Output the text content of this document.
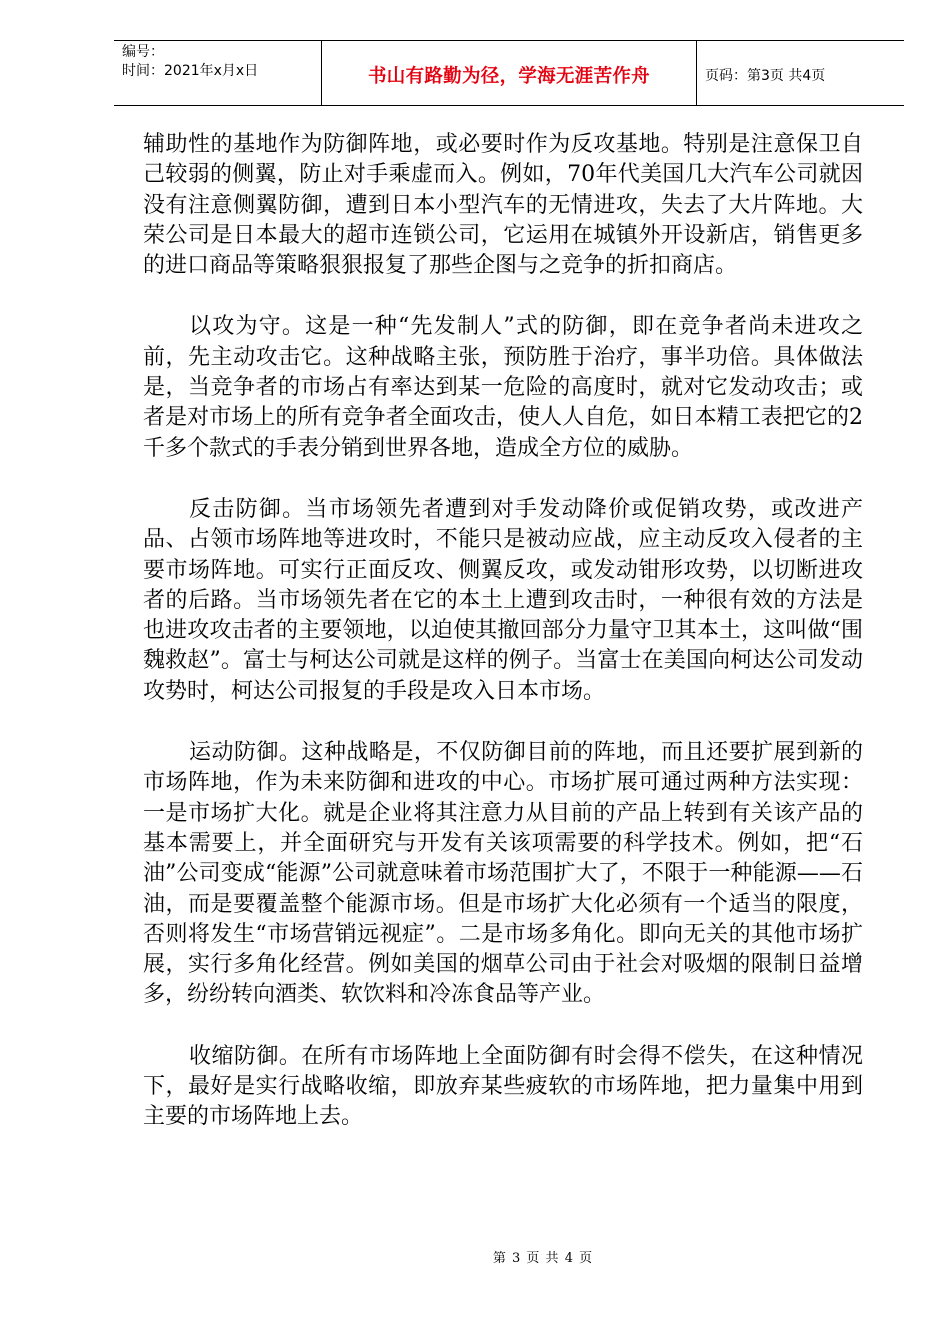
编号：
时间：2021年x月x日	书山有路勤为径，学海无涯苦作舟	页码：第3页 共4页

辅助性的基地作为防御阵地，或必要时作为反攻基地。特别是注意保卫自己较弱的侧翼，防止对手乘虚而入。例如，70年代美国几大汽车公司就因没有注意侧翼防御，遭到日本小型汽车的无情进攻，失去了大片阵地。大荣公司是日本最大的超市连锁公司，它运用在城镇外开设新店，销售更多的进口商品等策略狠狠报复了那些企图与之竞争的折扣商店。

以攻为守。这是一种“先发制人”式的防御，即在竞争者尚未进攻之前，先主动攻击它。这种战略主张，预防胜于治疗，事半功倍。具体做法是，当竞争者的市场占有率达到某一危险的高度时，就对它发动攻击；或者是对市场上的所有竞争者全面攻击，使人人自危，如日本精工表把它的2千多个款式的手表分销到世界各地，造成全方位的威胁。

反击防御。当市场领先者遭到对手发动降价或促销攻势，或改进产品、占领市场阵地等进攻时，不能只是被动应战，应主动反攻入侵者的主要市场阵地。可实行正面反攻、侧翼反攻，或发动钳形攻势，以切断进攻者的后路。当市场领先者在它的本土上遭到攻击时，一种很有效的方法是也进攻攻击者的主要领地，以迫使其撤回部分力量守卫其本土，这叫做“围魏救赵”。富士与柯达公司就是这样的例子。当富士在美国向柯达公司发动攻势时，柯达公司报复的手段是攻入日本市场。

运动防御。这种战略是，不仅防御目前的阵地，而且还要扩展到新的市场阵地，作为未来防御和进攻的中心。市场扩展可通过两种方法实现：一是市场扩大化。就是企业将其注意力从目前的产品上转到有关该产品的基本需要上，并全面研究与开发有关该项需要的科学技术。例如，把“石油”公司变成“能源”公司就意味着市场范围扩大了，不限于一种能源——石油，而是要覆盖整个能源市场。但是市场扩大化必须有一个适当的限度，否则将发生“市场营销远视症”。二是市场多角化。即向无关的其他市场扩展，实行多角化经营。例如美国的烟草公司由于社会对吸烟的限制日益增多，纷纷转向酒类、软饮料和冷冻食品等产业。

收缩防御。在所有市场阵地上全面防御有时会得不偿失，在这种情况下，最好是实行战略收缩，即放弃某些疲软的市场阵地，把力量集中用到主要的市场阵地上去。

第 3 页 共 4 页
